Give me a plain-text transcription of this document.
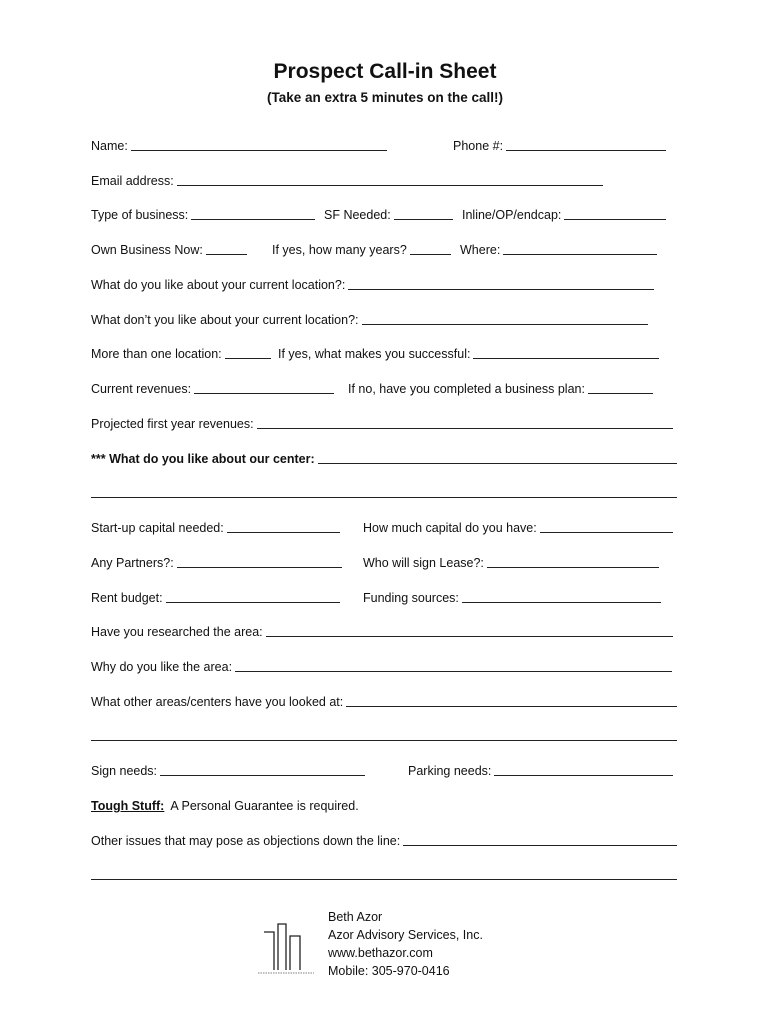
Prospect Call-in Sheet
(Take an extra 5 minutes on the call!)
Name:	Phone #:
Email address:
Type of business:	SF Needed:	Inline/OP/endcap:
Own Business Now:	If yes, how many years?	Where:
What do you like about your current location?:
What don’t you like about your current location?:
More than one location:	If yes, what makes you successful:
Current revenues:	If no, have you completed a business plan:
Projected first year revenues:
*** What do you like about our center:
Start-up capital needed:	How much capital do you have:
Any Partners?:	Who will sign Lease?:
Rent budget:	Funding sources:
Have you researched the area:
Why do you like the area:
What other areas/centers have you looked at:
Sign needs:	Parking needs:
Tough Stuff: A Personal Guarantee is required.
Other issues that may pose as objections down the line:
Beth Azor
Azor Advisory Services, Inc.
www.bethazor.com
Mobile: 305-970-0416
